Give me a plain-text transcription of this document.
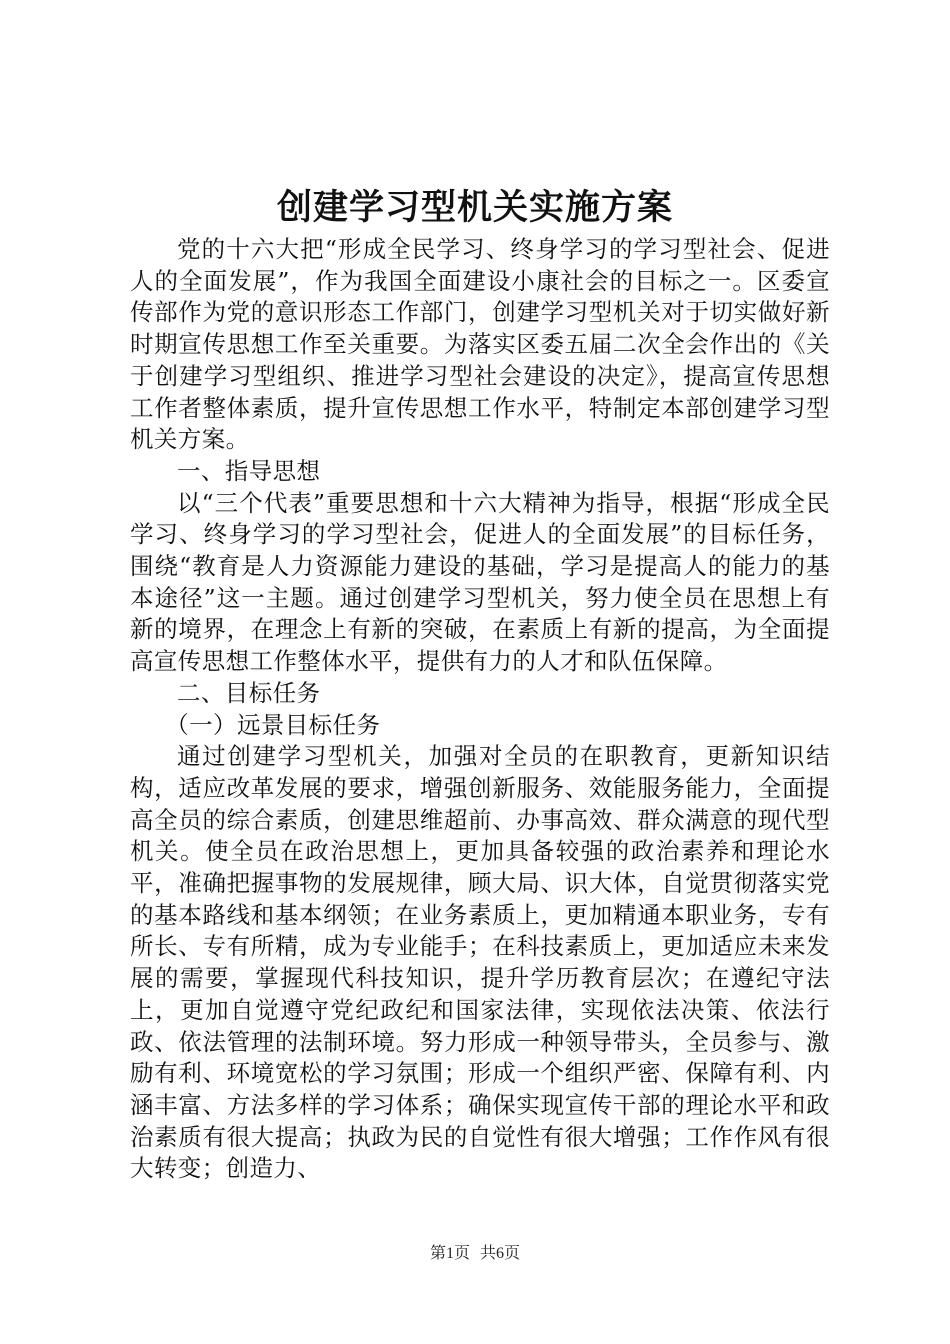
创建学习型机关实施方案

党的十六大把“形成全民学习、终身学习的学习型社会、促进人的全面发展”，作为我国全面建设小康社会的目标之一。区委宣传部作为党的意识形态工作部门，创建学习型机关对于切实做好新时期宣传思想工作至关重要。为落实区委五届二次全会作出的《关于创建学习型组织、推进学习型社会建设的决定》，提高宣传思想工作者整体素质，提升宣传思想工作水平，特制定本部创建学习型机关方案。

一、指导思想

以“三个代表”重要思想和十六大精神为指导，根据“形成全民学习、终身学习的学习型社会，促进人的全面发展”的目标任务，围绕“教育是人力资源能力建设的基础，学习是提高人的能力的基本途径”这一主题。通过创建学习型机关，努力使全员在思想上有新的境界，在理念上有新的突破，在素质上有新的提高，为全面提高宣传思想工作整体水平，提供有力的人才和队伍保障。

二、目标任务

（一）远景目标任务

通过创建学习型机关，加强对全员的在职教育，更新知识结构，适应改革发展的要求，增强创新服务、效能服务能力，全面提高全员的综合素质，创建思维超前、办事高效、群众满意的现代型机关。使全员在政治思想上，更加具备较强的政治素养和理论水平，准确把握事物的发展规律，顾大局、识大体，自觉贯彻落实党的基本路线和基本纲领；在业务素质上，更加精通本职业务，专有所长、专有所精，成为专业能手；在科技素质上，更加适应未来发展的需要，掌握现代科技知识，提升学历教育层次；在遵纪守法上，更加自觉遵守党纪政纪和国家法律，实现依法决策、依法行政、依法管理的法制环境。努力形成一种领导带头，全员参与、激励有利、环境宽松的学习氛围；形成一个组织严密、保障有利、内涵丰富、方法多样的学习体系；确保实现宣传干部的理论水平和政治素质有很大提高；执政为民的自觉性有很大增强；工作作风有很大转变；创造力、

第1页 共6页
